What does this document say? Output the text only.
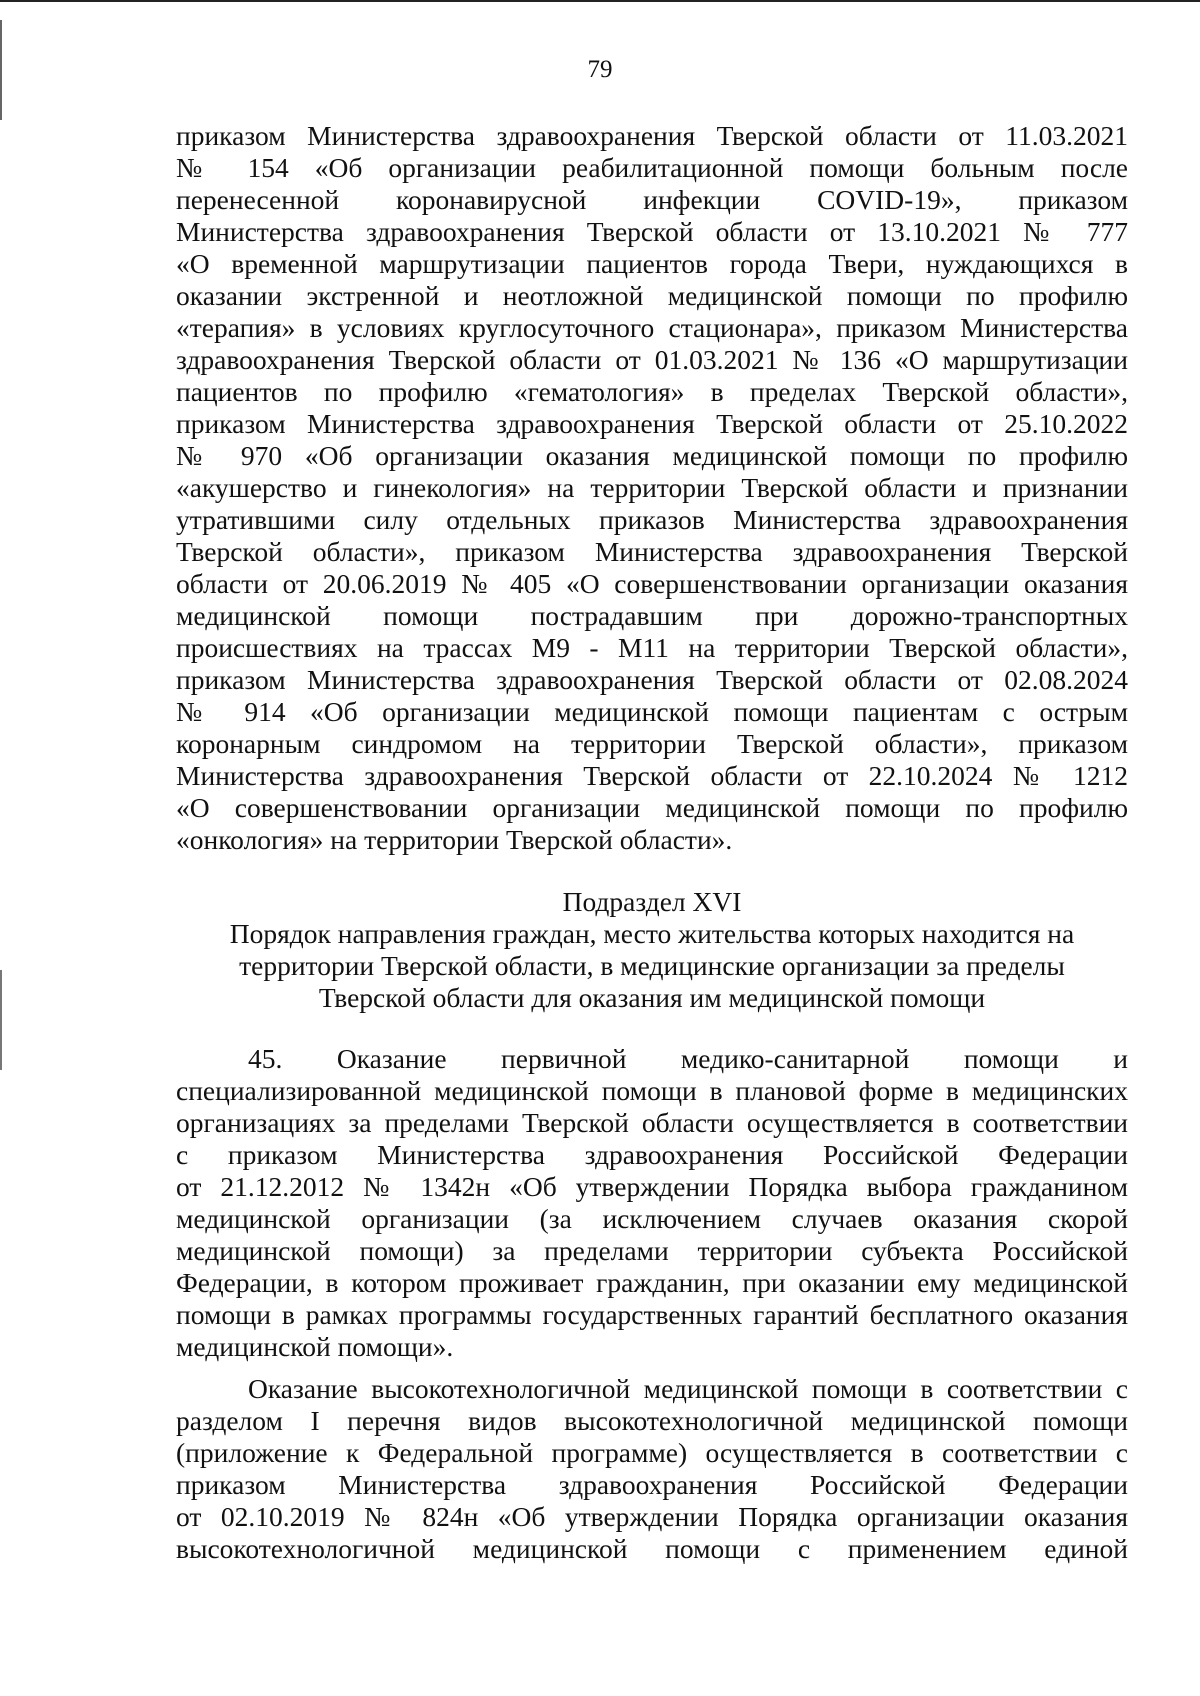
79
приказом Министерства здравоохранения Тверской области от 11.03.2021
№ 154 «Об организации реабилитационной помощи больным после
перенесенной коронавирусной инфекции COVID-19», приказом
Министерства здравоохранения Тверской области от 13.10.2021 № 777
«О временной маршрутизации пациентов города Твери, нуждающихся в
оказании экстренной и неотложной медицинской помощи по профилю
«терапия» в условиях круглосуточного стационара», приказом Министерства
здравоохранения Тверской области от 01.03.2021 № 136 «О маршрутизации
пациентов по профилю «гематология» в пределах Тверской области»,
приказом Министерства здравоохранения Тверской области от 25.10.2022
№ 970 «Об организации оказания медицинской помощи по профилю
«акушерство и гинекология» на территории Тверской области и признании
утратившими силу отдельных приказов Министерства здравоохранения
Тверской области», приказом Министерства здравоохранения Тверской
области от 20.06.2019 № 405 «О совершенствовании организации оказания
медицинской помощи пострадавшим при дорожно-транспортных
происшествиях на трассах М9 - М11 на территории Тверской области»,
приказом Министерства здравоохранения Тверской области от 02.08.2024
№ 914 «Об организации медицинской помощи пациентам с острым
коронарным синдромом на территории Тверской области», приказом
Министерства здравоохранения Тверской области от 22.10.2024 № 1212
«О совершенствовании организации медицинской помощи по профилю
«онкология» на территории Тверской области».
Подраздел XVI
Порядок направления граждан, место жительства которых находится на
территории Тверской области, в медицинские организации за пределы
Тверской области для оказания им медицинской помощи
45. Оказание первичной медико-санитарной помощи и
специализированной медицинской помощи в плановой форме в медицинских
организациях за пределами Тверской области осуществляется в соответствии
с приказом Министерства здравоохранения Российской Федерации
от 21.12.2012 № 1342н «Об утверждении Порядка выбора гражданином
медицинской организации (за исключением случаев оказания скорой
медицинской помощи) за пределами территории субъекта Российской
Федерации, в котором проживает гражданин, при оказании ему медицинской
помощи в рамках программы государственных гарантий бесплатного оказания
медицинской помощи».
Оказание высокотехнологичной медицинской помощи в соответствии с
разделом I перечня видов высокотехнологичной медицинской помощи
(приложение к Федеральной программе) осуществляется в соответствии с
приказом Министерства здравоохранения Российской Федерации
от 02.10.2019 № 824н «Об утверждении Порядка организации оказания
высокотехнологичной медицинской помощи с применением единой
